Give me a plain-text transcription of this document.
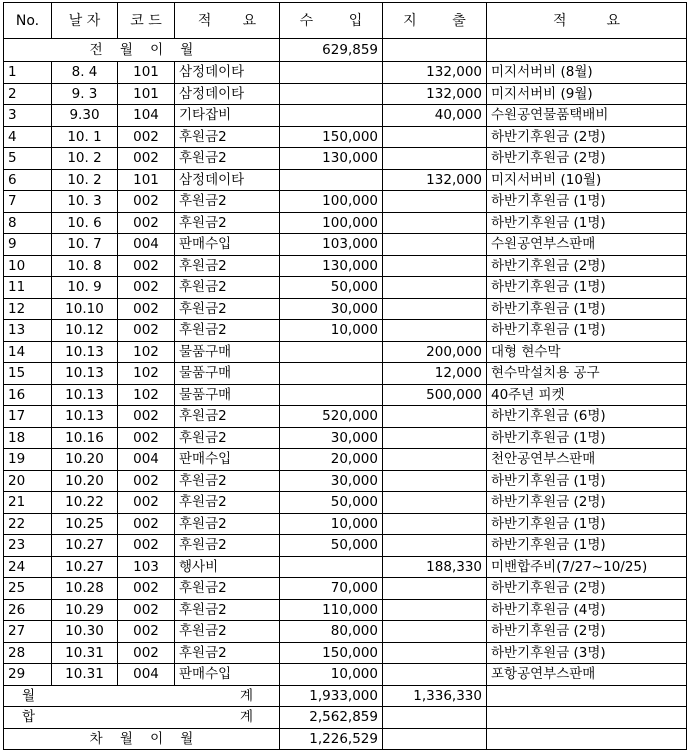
No.	날 자	코 드	적       요	수        입	지        출	적         요
전    월    이    월				629,859		
1	8. 4	101	삼정데이타		132,000	미지서버비 (8월)
2	9. 3	101	삼정데이타		132,000	미지서버비 (9월)
3	9.30	104	기타잡비		40,000	수원공연물품택배비
4	10. 1	002	후원금2	150,000		하반기후원금 (2명)
5	10. 2	002	후원금2	130,000		하반기후원금 (2명)
6	10. 2	101	삼정데이타		132,000	미지서버비 (10월)
7	10. 3	002	후원금2	100,000		하반기후원금 (1명)
8	10. 6	002	후원금2	100,000		하반기후원금 (1명)
9	10. 7	004	판매수입	103,000		수원공연부스판매
10	10. 8	002	후원금2	130,000		하반기후원금 (2명)
11	10. 9	002	후원금2	50,000		하반기후원금 (1명)
12	10.10	002	후원금2	30,000		하반기후원금 (1명)
13	10.12	002	후원금2	10,000		하반기후원금 (1명)
14	10.13	102	물품구매		200,000	대형 현수막
15	10.13	102	물품구매		12,000	현수막설치용 공구
16	10.13	102	물품구매		500,000	40주년 피켓
17	10.13	002	후원금2	520,000		하반기후원금 (6명)
18	10.16	002	후원금2	30,000		하반기후원금 (1명)
19	10.20	004	판매수입	20,000		천안공연부스판매
20	10.20	002	후원금2	30,000		하반기후원금 (1명)
21	10.22	002	후원금2	50,000		하반기후원금 (2명)
22	10.25	002	후원금2	10,000		하반기후원금 (1명)
23	10.27	002	후원금2	50,000		하반기후원금 (1명)
24	10.27	103	행사비		188,330	미밴합주비(7/27~10/25)
25	10.28	002	후원금2	70,000		하반기후원금 (2명)
26	10.29	002	후원금2	110,000		하반기후원금 (4명)
27	10.30	002	후원금2	80,000		하반기후원금 (2명)
28	10.31	002	후원금2	150,000		하반기후원금 (3명)
29	10.31	004	판매수입	10,000		포항공연부스판매

월 계				1,933,000	1,336,330	

합 계				2,562,859		
차    월    이    월				1,226,529		
